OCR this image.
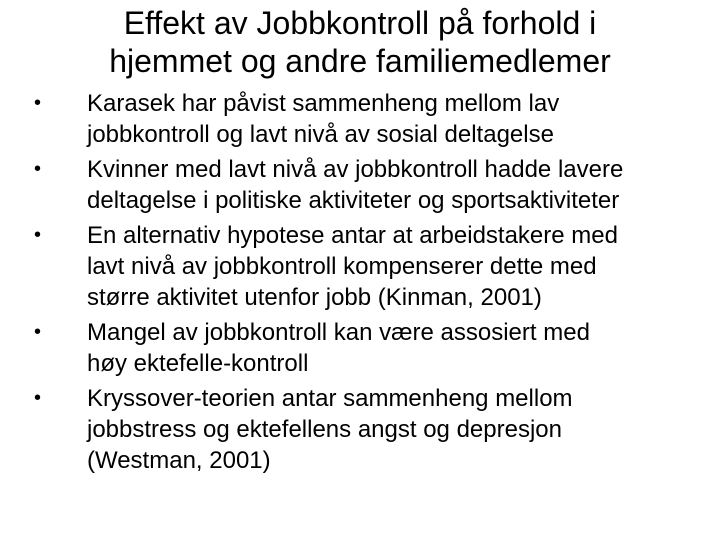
Effekt av Jobbkontroll på forhold i
hjemmet og andre familiemedlemer
• Karasek har påvist sammenheng mellom lav
jobbkontroll og lavt nivå av sosial deltagelse
• Kvinner med lavt nivå av jobbkontroll hadde lavere
deltagelse i politiske aktiviteter og sportsaktiviteter
• En alternativ hypotese antar at arbeidstakere med
lavt nivå av jobbkontroll kompenserer dette med
større aktivitet utenfor jobb (Kinman, 2001)
• Mangel av jobbkontroll kan være assosiert med
høy ektefelle-kontroll
• Kryssover-teorien antar sammenheng mellom
jobbstress og ektefellens angst og depresjon
(Westman, 2001)
